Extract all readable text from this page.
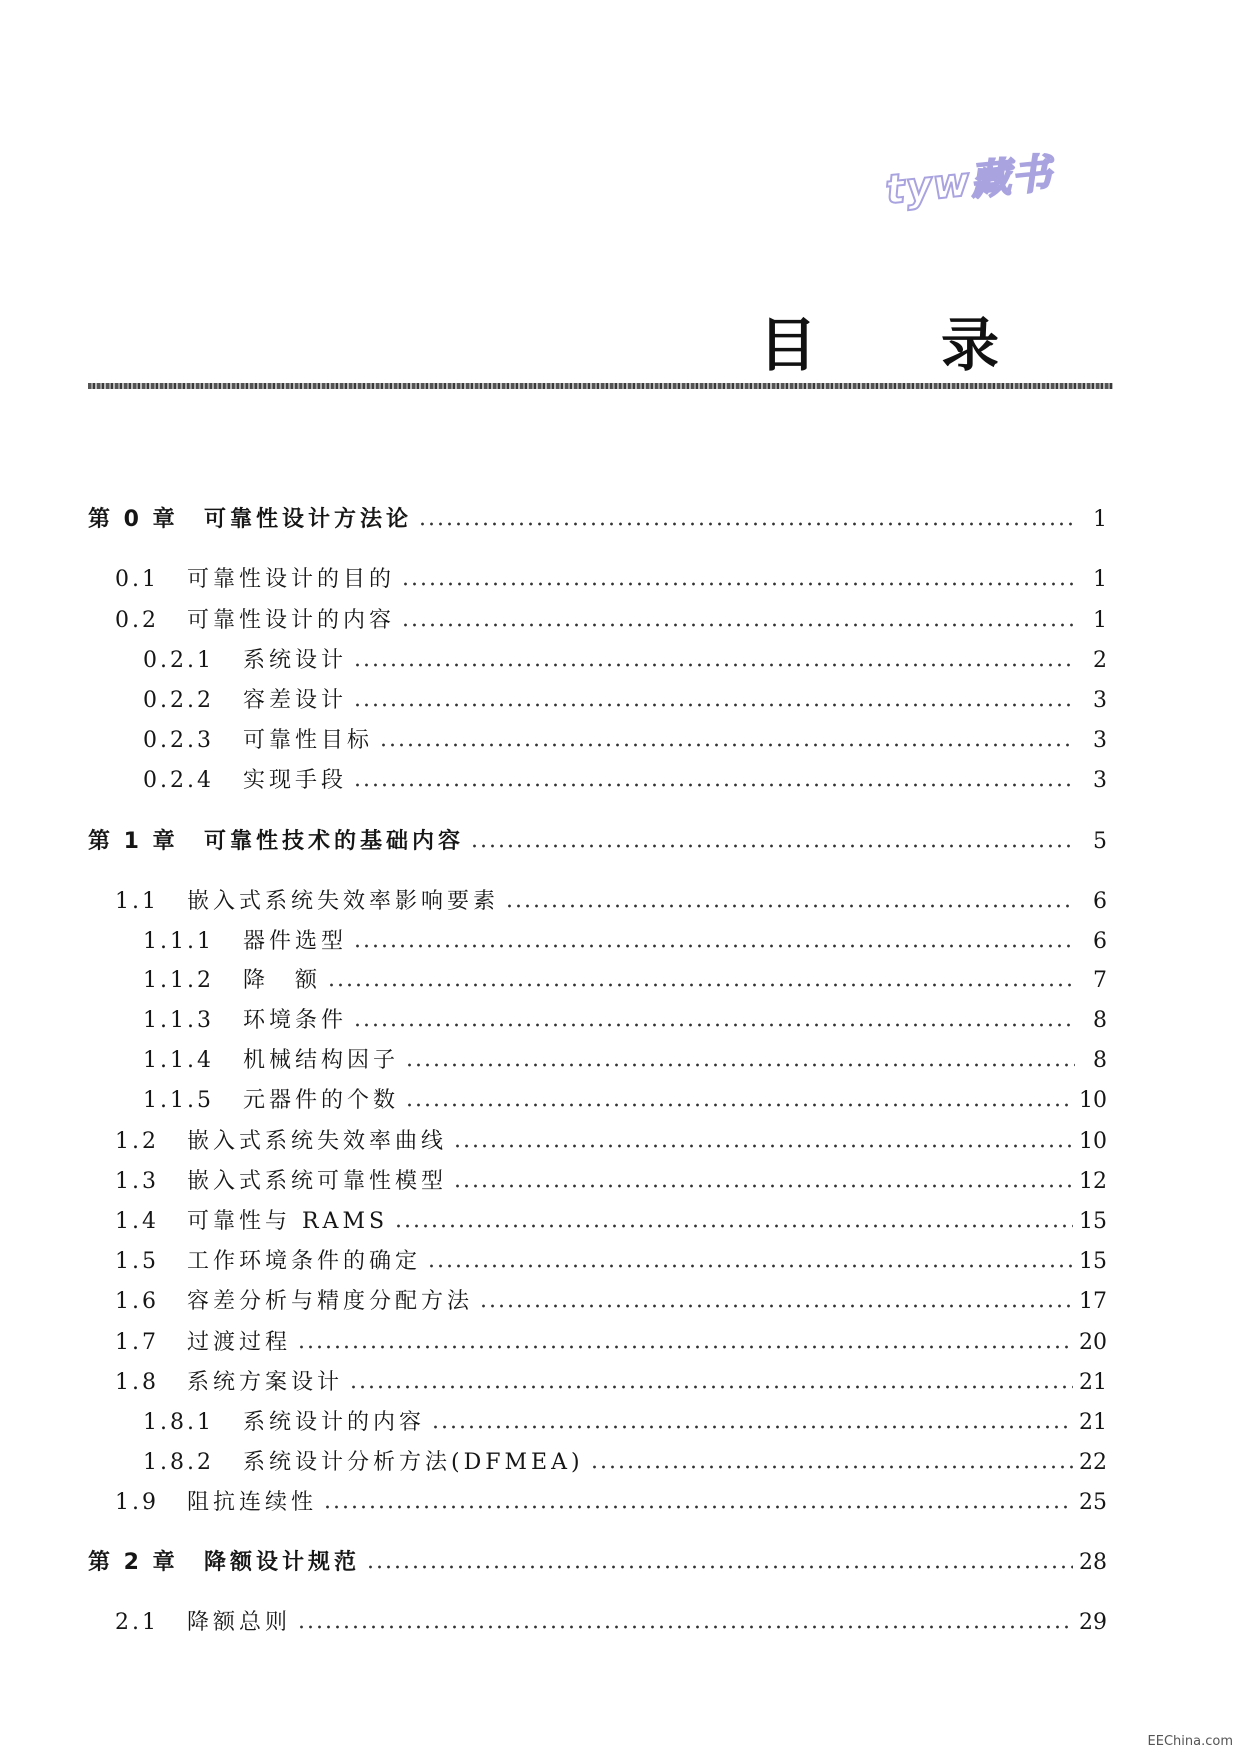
tyw藏书
目 录
第 0 章	可靠性设计方法论	1
0.1	可靠性设计的目的	1
0.2	可靠性设计的内容	1
0.2.1	系统设计	2
0.2.2	容差设计	3
0.2.3	可靠性目标	3
0.2.4	实现手段	3
第 1 章	可靠性技术的基础内容	5
1.1	嵌入式系统失效率影响要素	6
1.1.1	器件选型	6
1.1.2	降　额	7
1.1.3	环境条件	8
1.1.4	机械结构因子	8
1.1.5	元器件的个数	10
1.2	嵌入式系统失效率曲线	10
1.3	嵌入式系统可靠性模型	12
1.4	可靠性与 RAMS	15
1.5	工作环境条件的确定	15
1.6	容差分析与精度分配方法	17
1.7	过渡过程	20
1.8	系统方案设计	21
1.8.1	系统设计的内容	21
1.8.2	系统设计分析方法(DFMEA)	22
1.9	阻抗连续性	25
第 2 章	降额设计规范	28
2.1	降额总则	29
EEChina.com
